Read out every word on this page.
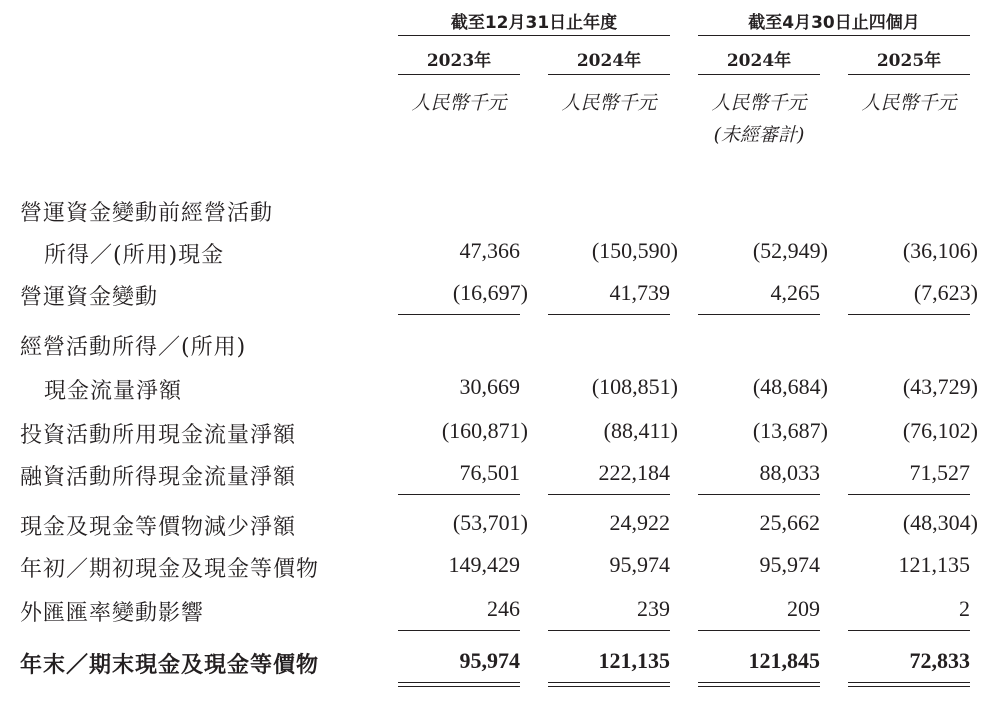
截至12月31日止年度	截至4月30日止四個月
2023年	2024年	2024年	2025年
人民幣千元	人民幣千元	人民幣千元	人民幣千元
(未經審計)
營運資金變動前經營活動
所得／(所用)現金	47,366	(150,590)	(52,949)	(36,106)
營運資金變動	(16,697)	41,739	4,265	(7,623)
經營活動所得／(所用)
現金流量淨額	30,669	(108,851)	(48,684)	(43,729)
投資活動所用現金流量淨額	(160,871)	(88,411)	(13,687)	(76,102)
融資活動所得現金流量淨額	76,501	222,184	88,033	71,527
現金及現金等價物減少淨額	(53,701)	24,922	25,662	(48,304)
年初／期初現金及現金等價物	149,429	95,974	95,974	121,135
外匯匯率變動影響	246	239	209	2
年末／期末現金及現金等價物	95,974	121,135	121,845	72,833
